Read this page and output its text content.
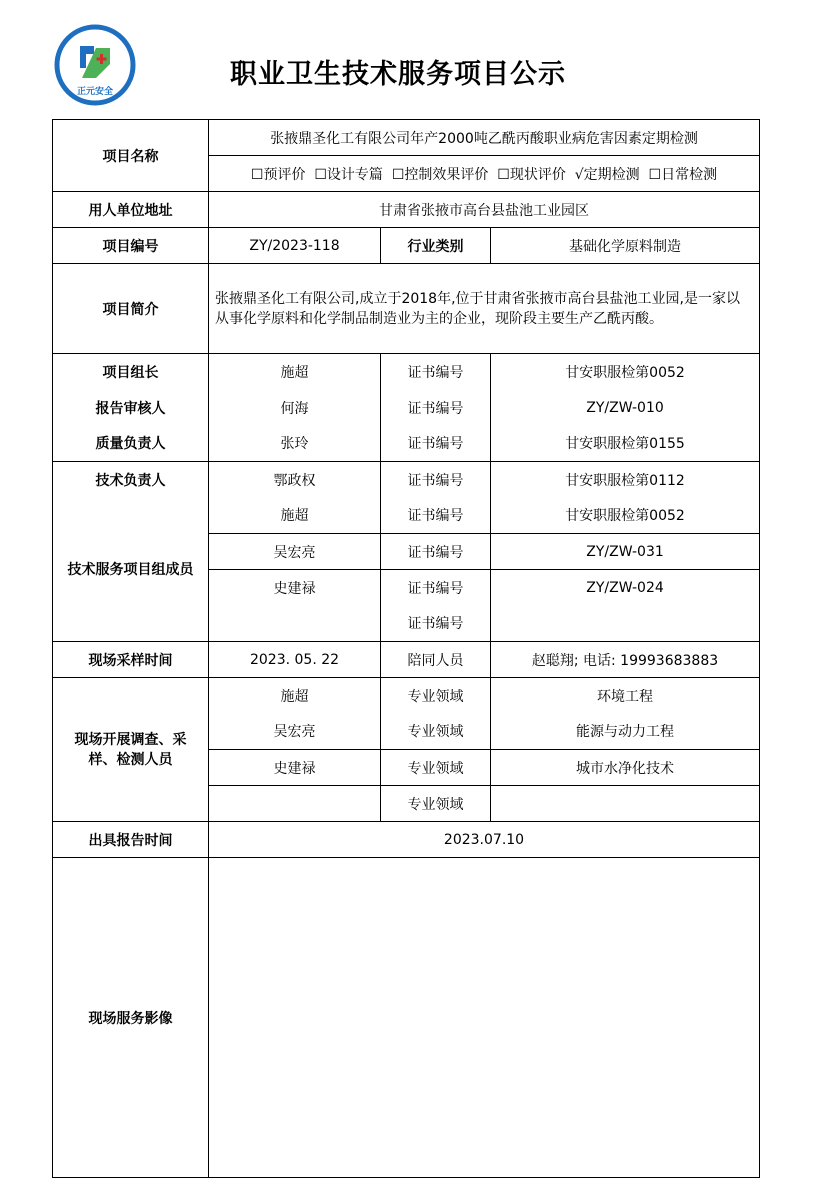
正元安全
职业卫生技术服务项目公示
项目名称	张掖鼎圣化工有限公司年产2000吨乙酰丙酸职业病危害因素定期检测		
	☐预评价  ☐设计专篇  ☐控制效果评价  ☐现状评价  √定期检测  ☐日常检测		
用人单位地址	甘肃省张掖市高台县盐池工业园区		
项目编号	ZY/2023-118	行业类别	基础化学原料制造
项目简介	张掖鼎圣化工有限公司,成立于2018年,位于甘肃省张掖市高台县盐池工业园,是一家以从事化学原料和化学制品制造业为主的企业，现阶段主要生产乙酰丙酸。		
项目组长	施超	证书编号	甘安职服检第0052
报告审核人	何海	证书编号	ZY/ZW-010
质量负责人	张玲	证书编号	甘安职服检第0155
技术负责人	鄂政权	证书编号	甘安职服检第0112
技术服务项目组成员	施超	证书编号	甘安职服检第0052
	吴宏亮	证书编号	ZY/ZW-031
	史建禄	证书编号	ZY/ZW-024
		证书编号	
现场采样时间	2023. 05. 22	陪同人员	赵聪翔; 电话: 19993683883
现场开展调查、采样、检测人员	施超	专业领域	环境工程
	吴宏亮	专业领域	能源与动力工程
	史建禄	专业领域	城市水净化技术
		专业领域	
出具报告时间	2023.07.10		
现场服务影像			
